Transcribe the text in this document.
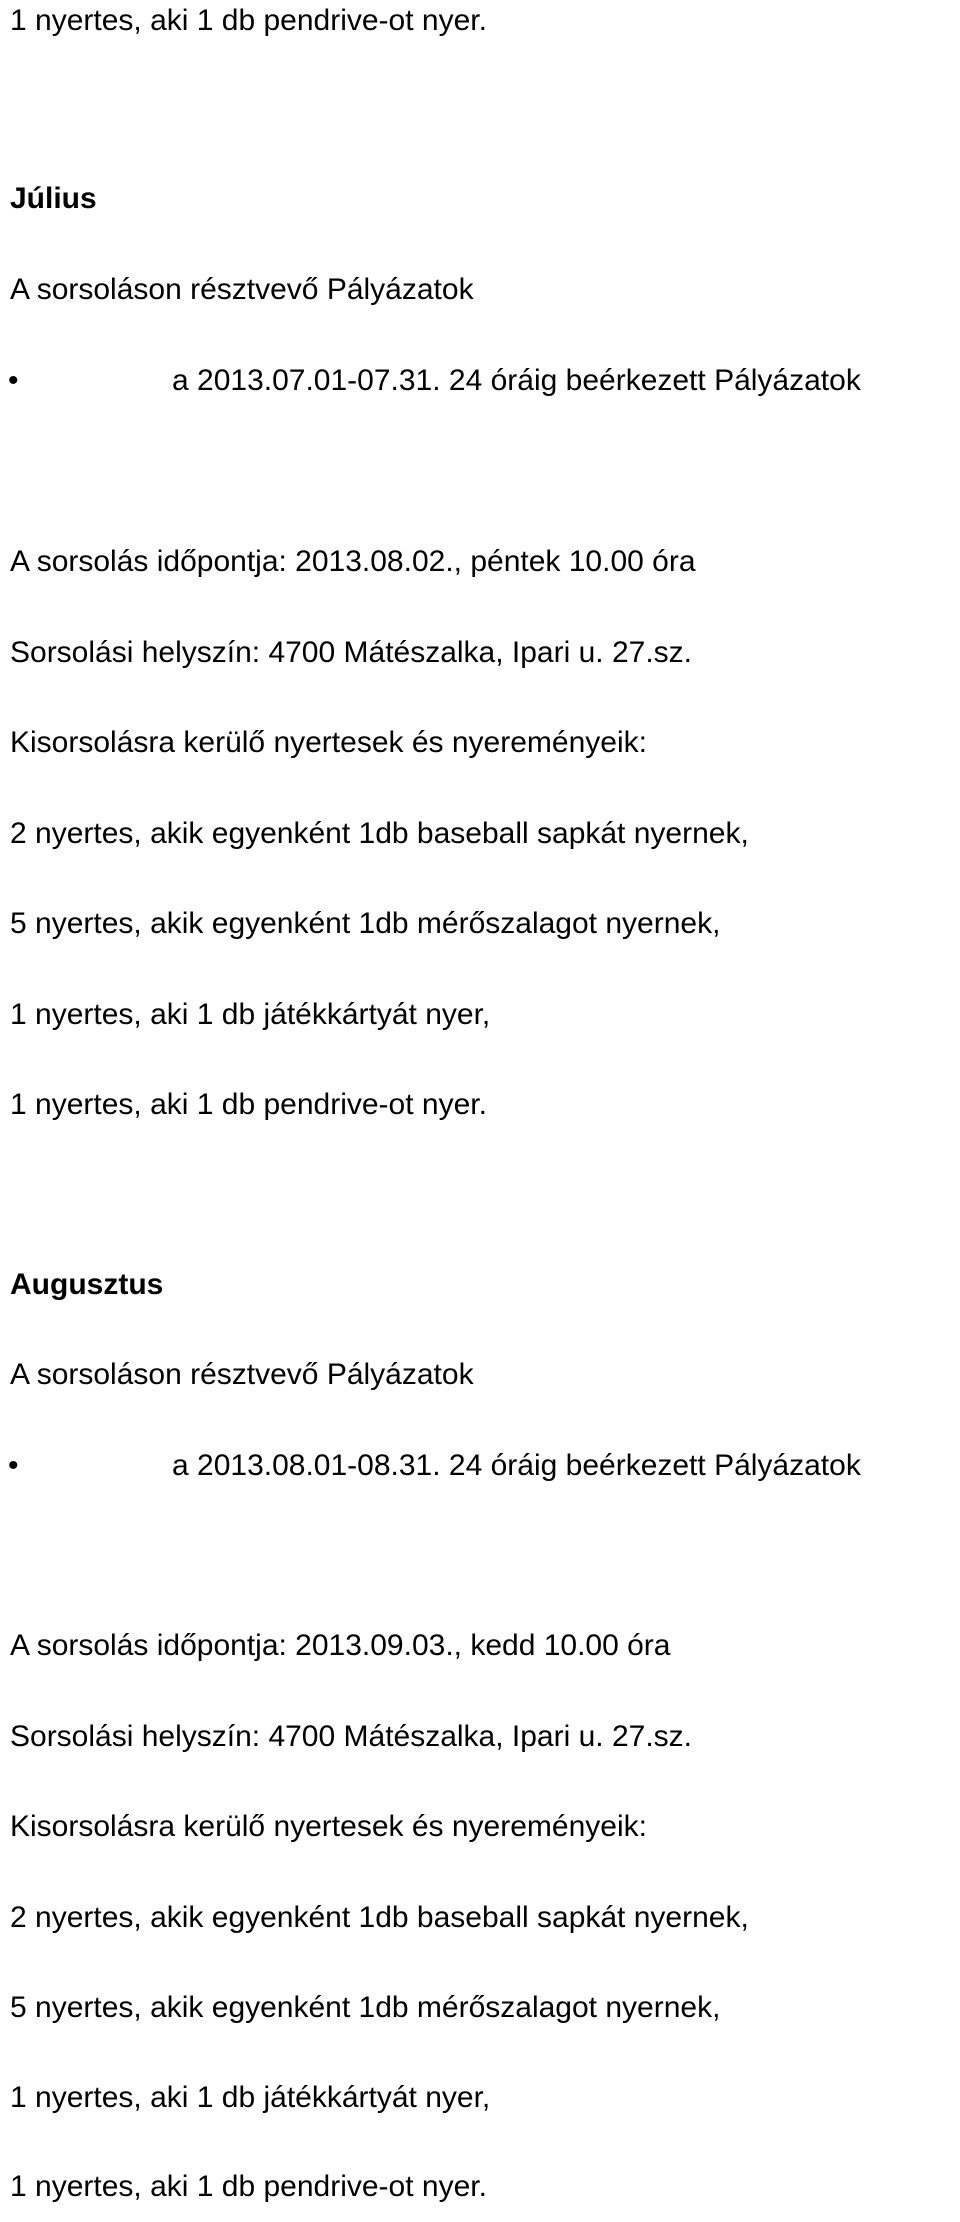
1 nyertes, aki 1 db pendrive-ot nyer.
Július
A sorsoláson résztvevő Pályázatok
•	a 2013.07.01-07.31. 24 óráig beérkezett Pályázatok
A sorsolás időpontja: 2013.08.02., péntek 10.00 óra
Sorsolási helyszín: 4700 Mátészalka, Ipari u. 27.sz.
Kisorsolásra kerülő nyertesek és nyereményeik:
2 nyertes, akik egyenként 1db baseball sapkát nyernek,
5 nyertes, akik egyenként 1db mérőszalagot nyernek,
1 nyertes, aki 1 db játékkártyát nyer,
1 nyertes, aki 1 db pendrive-ot nyer.
Augusztus
A sorsoláson résztvevő Pályázatok
•	a 2013.08.01-08.31. 24 óráig beérkezett Pályázatok
A sorsolás időpontja: 2013.09.03., kedd 10.00 óra
Sorsolási helyszín: 4700 Mátészalka, Ipari u. 27.sz.
Kisorsolásra kerülő nyertesek és nyereményeik:
2 nyertes, akik egyenként 1db baseball sapkát nyernek,
5 nyertes, akik egyenként 1db mérőszalagot nyernek,
1 nyertes, aki 1 db játékkártyát nyer,
1 nyertes, aki 1 db pendrive-ot nyer.
